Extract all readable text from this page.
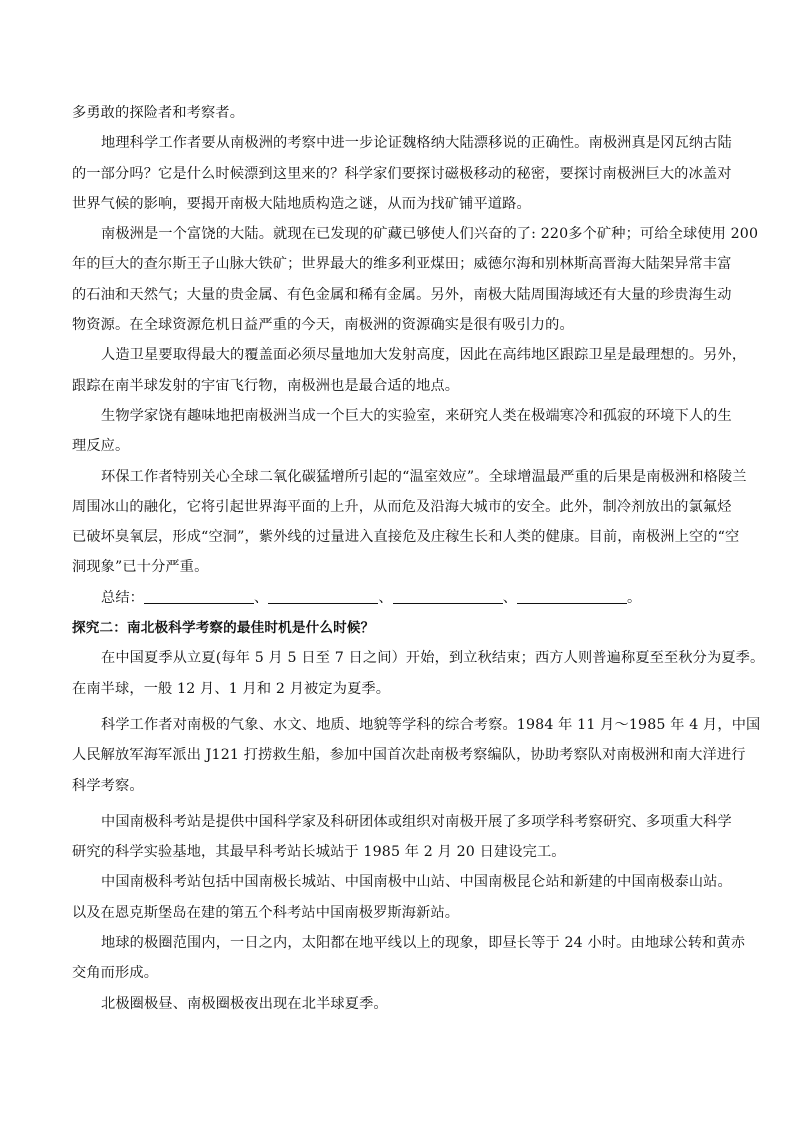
多勇敢的探险者和考察者。
地理科学工作者要从南极洲的考察中进一步论证魏格纳大陆漂移说的正确性。南极洲真是冈瓦纳古陆
的一部分吗？它是什么时候漂到这里来的？科学家们要探讨磁极移动的秘密，要探讨南极洲巨大的冰盖对
世界气候的影响，要揭开南极大陆地质构造之谜，从而为找矿铺平道路。
南极洲是一个富饶的大陆。就现在已发现的矿藏已够使人们兴奋的了: 220多个矿种；可给全球使用 200
年的巨大的查尔斯王子山脉大铁矿；世界最大的维多利亚煤田；威德尔海和别林斯高晋海大陆架异常丰富
的石油和天然气；大量的贵金属、有色金属和稀有金属。另外，南极大陆周围海域还有大量的珍贵海生动
物资源。在全球资源危机日益严重的今天，南极洲的资源确实是很有吸引力的。
人造卫星要取得最大的覆盖面必须尽量地加大发射高度，因此在高纬地区跟踪卫星是最理想的。另外，
跟踪在南半球发射的宇宙飞行物，南极洲也是最合适的地点。
生物学家饶有趣味地把南极洲当成一个巨大的实验室，来研究人类在极端寒冷和孤寂的环境下人的生
理反应。
环保工作者特别关心全球二氧化碳猛增所引起的“温室效应”。全球增温最严重的后果是南极洲和格陵兰
周围冰山的融化，它将引起世界海平面的上升，从而危及沿海大城市的安全。此外，制冷剂放出的氯氟烃
已破坏臭氧层，形成“空洞”，紫外线的过量进入直接危及庄稼生长和人类的健康。目前，南极洲上空的“空
洞现象”已十分严重。
总结：	、	、	、	。
探究二：南北极科学考察的最佳时机是什么时候？
在中国夏季从立夏(每年 5 月 5 日至 7 日之间）开始，到立秋结束；西方人则普遍称夏至至秋分为夏季。
在南半球，一般 12 月、1 月和 2 月被定为夏季。
科学工作者对南极的气象、水文、地质、地貌等学科的综合考察。1984 年 11 月～1985 年 4 月，中国
人民解放军海军派出 J121 打捞救生船，参加中国首次赴南极考察编队，协助考察队对南极洲和南大洋进行
科学考察。
中国南极科考站是提供中国科学家及科研团体或组织对南极开展了多项学科考察研究、多项重大科学
研究的科学实验基地，其最早科考站长城站于 1985 年 2 月 20 日建设完工。
中国南极科考站包括中国南极长城站、中国南极中山站、中国南极昆仑站和新建的中国南极泰山站。
以及在恩克斯堡岛在建的第五个科考站中国南极罗斯海新站。
地球的极圈范围内，一日之内，太阳都在地平线以上的现象，即昼长等于 24 小时。由地球公转和黄赤
交角而形成。
北极圈极昼、南极圈极夜出现在北半球夏季。
